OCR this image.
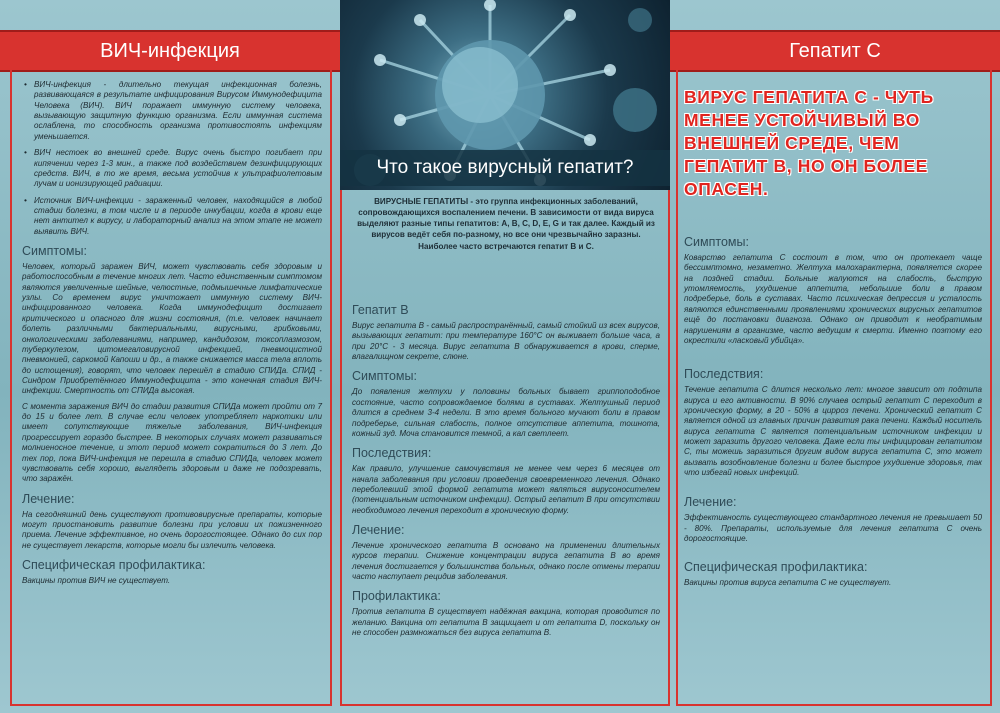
ВИЧ-инфекция	Гепатит С
Что такое вирусный гепатит?
• ВИЧ-инфекция - длительно текущая инфекционная болезнь, развивающаяся в результате инфицирования Вирусом Иммунодефицита Человека (ВИЧ). ВИЧ поражает иммунную систему человека, вызывающую защитную функцию организма. Если иммунная система ослаблена, то способность организма противостоять инфекциям уменьшается.
• ВИЧ нестоек во внешней среде. Вирус очень быстро погибает при кипячении через 1-3 мин., а также под воздействием дезинфицирующих средств. ВИЧ, в то же время, весьма устойчив к ультрафиолетовым лучам и ионизирующей радиации.
• Источник ВИЧ-инфекции - зараженный человек, находящийся в любой стадии болезни, в том числе и в периоде инкубации, когда в крови еще нет антител к вирусу, и лабораторный анализ на этом этапе не может выявить ВИЧ.
Симптомы:

Человек, который заражен ВИЧ, может чувствовать себя здоровым и работоспособным в течение многих лет. Часто единственным симптомом являются увеличенные шейные, челюстные, подмышечные лимфатические узлы. Со временем вирус уничтожает иммунную систему ВИЧ-инфицированного человека. Когда иммунодефицит достигает критического и опасного для жизни состояния, (т.е. человек начинает болеть различными бактериальными, вирусными, грибковыми, онкологическими заболеваниями, например, кандидозом, токсоплазмозом, туберкулезом, цитомегаловирусной инфекцией, пневмоцистной пневмонией, саркомой Капоши и др., а также снижается масса тела вплоть до истощения), говорят, что человек перешёл в стадию СПИДа. СПИД - Синдром Приобретённого Иммунодефицита - это конечная стадия ВИЧ-инфекции. Смертность от СПИДа высокая.

С момента заражения ВИЧ до стадии развития СПИДа может пройти от 7 до 15 и более лет. В случае если человек употребляет наркотики или имеет сопутствующие тяжелые заболевания, ВИЧ-инфекция прогрессирует гораздо быстрее. В некоторых случаях может развиваться молниеносное течение, и этот период может сократиться до 3 лет. До тех пор, пока ВИЧ-инфекция не перешла в стадию СПИДа, человек может чувствовать себя хорошо, выглядеть здоровым и даже не подозревать, что заражён.

Лечение:

На сегодняшний день существуют противовирусные препараты, которые могут приостановить развитие болезни при условии их пожизненного приема. Лечение эффективное, но очень дорогостоящее. Однако до сих пор не существует лекарств, которые могли бы излечить человека.

Специфическая профилактика:

Вакцины против ВИЧ не существует.

ВИРУСНЫЕ ГЕПАТИТЫ - это группа инфекционных заболеваний, сопровождающихся воспалением печени. В зависимости от вида вируса выделяют разные типы гепатитов: A, B, C, D, E, G и так далее. Каждый из вирусов ведёт себя по-разному, но все они чрезвычайно заразны. Наиболее часто встречаются гепатит В и С.
Гепатит В

Вирус гепатита В - самый распространённый, самый стойкий из всех вирусов, вызывающих гепатит: при температуре 160°С он выживает больше часа, а при 20°С - 3 месяца. Вирус гепатита В обнаруживается в крови, сперме, влагалищном секрете, слюне.

Симптомы:

До появления желтухи у половины больных бывает гриппоподобное состояние, часто сопровождаемое болями в суставах. Желтушный период длится в среднем 3-4 недели. В это время больного мучают боли в правом подреберье, сильная слабость, полное отсутствие аппетита, тошнота, кожный зуд. Моча становится темной, а кал светлеет.

Последствия:

Как правило, улучшение самочувствия не менее чем через 6 месяцев от начала заболевания при условии проведения своевременного лечения. Однако переболевший этой формой гепатита может являться вирусоносителем (потенциальным источником инфекции). Острый гепатит В при отсутствии необходимого лечения переходит в хроническую форму.

Лечение:

Лечение хронического гепатита В основано на применении длительных курсов терапии. Снижение концентрации вируса гепатита В во время лечения достигается у большинства больных, однако после отмены терапии часто наступает рецидив заболевания.

Профилактика:

Против гепатита В существует надёжная вакцина, которая проводится по желанию. Вакцина от гепатита В защищает и от гепатита D, поскольку он не способен размножаться без вируса гепатита В.

ВИРУС ГЕПАТИТА С - ЧУТЬ МЕНЕЕ УСТОЙЧИВЫЙ ВО ВНЕШНЕЙ СРЕДЕ, ЧЕМ ГЕПАТИТ В, НО ОН БОЛЕЕ ОПАСЕН.
Симптомы:

Коварство гепатита С состоит в том, что он протекает чаще бессимптомно, незаметно. Желтуха малохарактерна, появляется скорее на поздней стадии. Больные жалуются на слабость, быструю утомляемость, ухудшение аппетита, небольшие боли в правом подреберье, боль в суставах. Часто психическая депрессия и усталость являются единственными проявлениями хронических вирусных гепатитов ещё до постановки диагноза. Однако он приводит к необратимым нарушениям в организме, часто ведущим к смерти. Именно поэтому его окрестили «ласковый убийца».

Последствия:

Течение гепатита С длится несколько лет: многое зависит от подтипа вируса и его активности. В 90% случаев острый гепатит С переходит в хроническую форму, в 20 - 50% в цирроз печени. Хронический гепатит С является одной из главных причин развития рака печени. Каждый носитель вируса гепатита С является потенциальным источником инфекции и может заразить другого человека. Даже если ты инфицирован гепатитом С, ты можешь заразиться другим видом вируса гепатита С, это может вызвать возобновление болезни и более быстрое ухудшение здоровья, так что избегай новых инфекций.

Лечение:

Эффективность существующего стандартного лечения не превышает 50 - 80%. Препараты, используемые для лечения гепатита С очень дорогостоящие.

Специфическая профилактика:

Вакцины против вируса гепатита С не существует.
